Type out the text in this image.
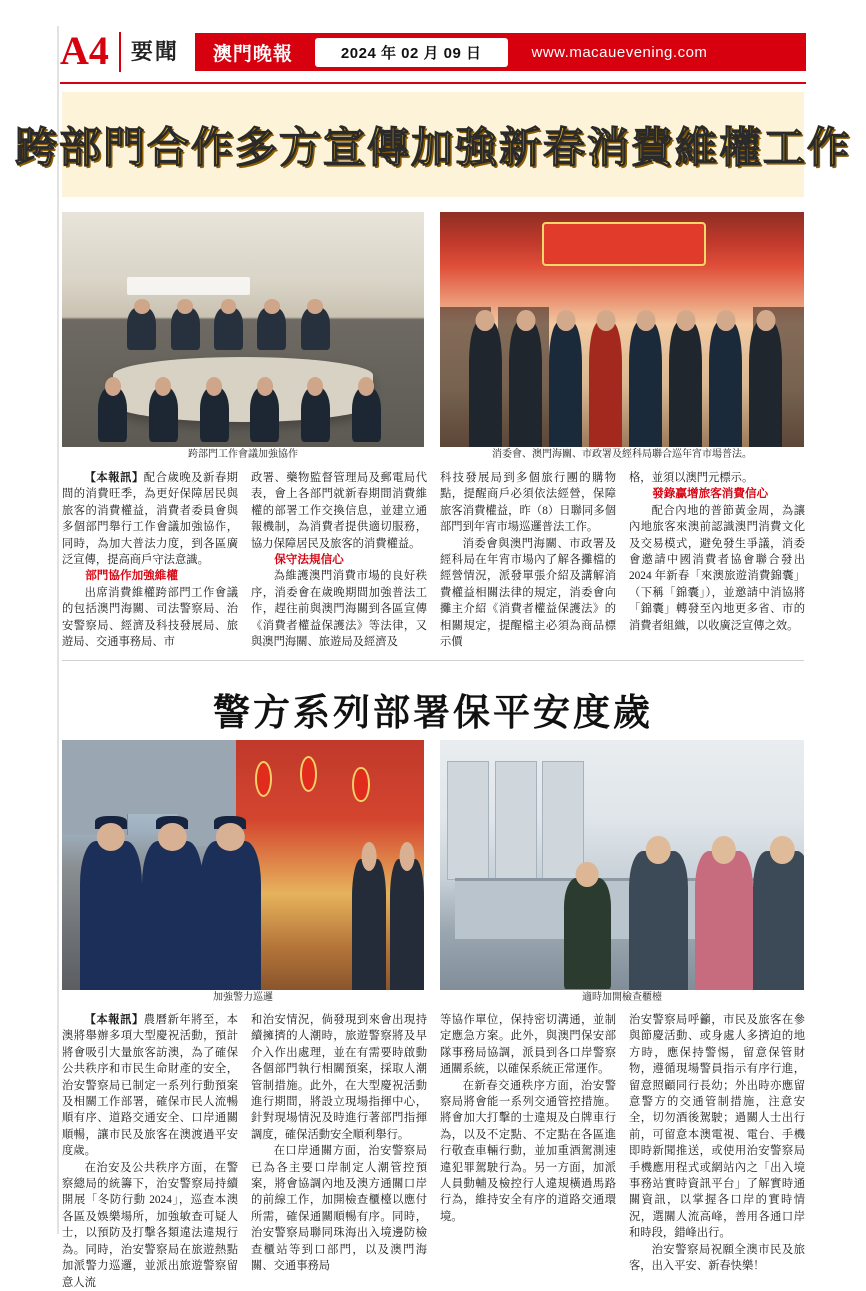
A4	要聞	澳門晚報	2024 年 02 月 09 日	www.macauevening.com
跨部門合作多方宣傳加強新春消費維權工作
跨部門工作會議加強協作	消委會、澳門海關、市政署及經科局聯合巡年宵市場普法。

【本報訊】配合歲晚及新春期間的消費旺季，為更好保障居民與旅客的消費權益，消費者委員會與多個部門舉行工作會議加強協作，同時，為加大普法力度，到各區廣泛宣傳，提高商戶守法意識。

部門協作加強維權

出席消費維權跨部門工作會議的包括澳門海關、司法警察局、治安警察局、經濟及科技發展局、旅遊局、交通事務局、市

政署、藥物監督管理局及郵電局代表，會上各部門就新春期間消費維權的部署工作交換信息，並建立通報機制，為消費者提供適切服務，協力保障居民及旅客的消費權益。

保守法規信心

為維護澳門消費市場的良好秩序，消委會在歲晚期間加強普法工作，趕往前與澳門海關到各區宣傳《消費者權益保護法》等法律，又與澳門海關、旅遊局及經濟及

科技發展局到多個旅行團的購物點，提醒商戶必須依法經營，保障旅客消費權益，昨（8）日聯同多個部門到年宵市場巡邏普法工作。

消委會與澳門海關、市政署及經科局在年宵市場內了解各攤檔的經營情況，派發單張介紹及講解消費權益相關法律的規定，消委會向攤主介紹《消費者權益保護法》的相關規定，提醒檔主必須為商品標示價

格，並須以澳門元標示。

發錄贏增旅客消費信心

配合內地的普節黃金周，為讓內地旅客來澳前認識澳門消費文化及交易模式，避免發生爭議，消委會邀請中國消費者協會聯合發出 2024 年新春「來澳旅遊消費錦囊」（下稱「錦囊」），並邀請中消協將「錦囊」轉發至內地更多省、市的消費者組織，以收廣泛宣傳之效。

警方系列部署保平安度歲
加強警力巡邏	適時加開檢查櫃檯

【本報訊】農曆新年將至，本澳將舉辦多項大型慶祝活動，預計將會吸引大量旅客訪澳，為了確保公共秩序和市民生命財產的安全，治安警察局已制定一系列行動預案及相關工作部署，確保市民人流暢順有序、道路交通安全、口岸通關順暢，讓市民及旅客在澳渡過平安度歲。

在治安及公共秩序方面，在警察總局的統籌下，治安警察局持續開展「冬防行動 2024」，巡查本澳各區及娛樂場所，加強敏查可疑人士，以預防及打擊各類違法違規行為。同時，治安警察局在旅遊熱點加派警力巡邏，並派出旅遊警察留意人流

和治安情況，倘發現到來會出現持續擁擠的人潮時，旅遊警察將及早介入作出處理，並在有需要時啟動各個部門執行相關預案，採取人潮管制措施。此外，在大型慶祝活動進行期間，將設立現場指揮中心，針對現場情況及時進行著部門指揮調度，確保活動安全順利舉行。

在口岸通關方面，治安警察局已為各主要口岸制定人潮管控預案，將會協調內地及澳方通關口岸的前線工作，加開檢查櫃檯以應付所需，確保通關順暢有序。同時，治安警察局聯同珠海出入境邊防檢查櫃站等到口部門，以及澳門海關、交通事務局

等協作單位，保持密切溝通，並制定應急方案。此外，與澳門保安部隊事務局協調，派員到各口岸警察通關系統，以確保系統正常運作。

在新春交通秩序方面，治安警察局將會能一系列交通管控措施。將會加大打擊的士違規及白牌車行為，以及不定點、不定點在各區進行敬查車輛行動，並加重酒駕測速違犯罪駕駛行為。另一方面，加派人員動輔及檢控行人違規橫過馬路行為，維持安全有序的道路交通環境。

治安警察局呼籲，市民及旅客在參與節慶活動、或身處人多擠迫的地方時，應保持警惕，留意保管財物，遵循現場警員指示有序行進，留意照顧同行長幼；外出時亦應留意警方的交通管制措施，注意安全，切勿酒後駕駛；過關人士出行前，可留意本澳電視、電台、手機即時新聞推送，或使用治安警察局手機應用程式或網站內之「出入境事務站實時資訊平台」了解實時通關資訊，以掌握各口岸的實時情況，選關人流高峰，善用各通口岸和時段，錯峰出行。

治安警察局祝願全澳市民及旅客，出入平安、新春快樂！
